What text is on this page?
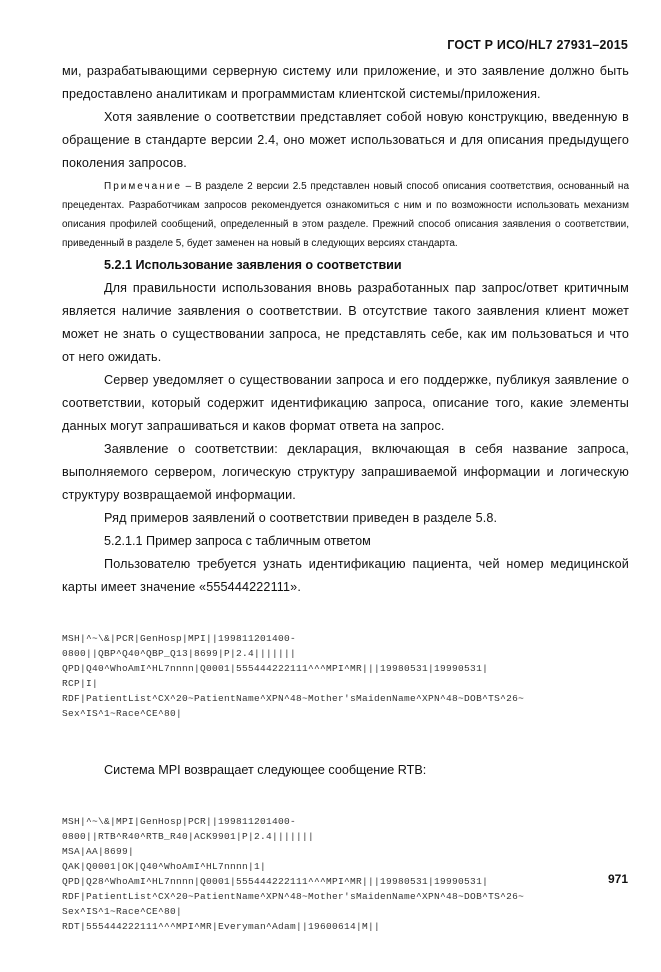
ГОСТ Р ИСО/HL7 27931–2015

ми, разрабатывающими серверную систему или приложение, и это заявление должно быть предоставлено аналитикам и программистам клиентской системы/приложения.

Хотя заявление о соответствии представляет собой новую конструкцию, введенную в обращение в стандарте версии 2.4, оно может использоваться и для описания предыдущего поколения запросов.

Примечание – В разделе 2 версии 2.5 представлен новый способ описания соответствия, основанный на прецедентах. Разработчикам запросов рекомендуется ознакомиться с ним и по возможности использовать механизм описания профилей сообщений, определенный в этом разделе. Прежний способ описания заявления о соответствии, приведенный в разделе 5, будет заменен на новый в следующих версиях стандарта.

5.2.1 Использование заявления о соответствии

Для правильности использования вновь разработанных пар запрос/ответ критичным является наличие заявления о соответствии. В отсутствие такого заявления клиент может может не знать о существовании запроса, не представлять себе, как им пользоваться и что от него ожидать.

Сервер уведомляет о существовании запроса и его поддержке, публикуя заявление о соответствии, который содержит идентификацию запроса, описание того, какие элементы данных могут запрашиваться и каков формат ответа на запрос.

Заявление о соответствии: декларация, включающая в себя название запроса, выполняемого сервером, логическую структуру запрашиваемой информации и логическую структуру возвращаемой информации.

Ряд примеров заявлений о соответствии приведен в разделе 5.8.

5.2.1.1 Пример запроса с табличным ответом

Пользователю требуется узнать идентификацию пациента, чей номер медицинской карты имеет значение «555444222111».

MSH|^~\&|PCR|GenHosp|MPI||199811201400-
0800||QBP^Q40^QBP_Q13|8699|P|2.4|||||||
QPD|Q40^WhoAmI^HL7nnnn|Q0001|555444222111^^^MPI^MR|||19980531|19990531|
RCP|I|
RDF|PatientList^CX^20~PatientName^XPN^48~Mother'sMaidenName^XPN^48~DOB^TS^26~
Sex^IS^1~Race^CE^80|

Система MPI возвращает следующее сообщение RTB:

MSH|^~\&|MPI|GenHosp|PCR||199811201400-
0800||RTB^R40^RTB_R40|ACK9901|P|2.4|||||||
MSA|AA|8699|
QAK|Q0001|OK|Q40^WhoAmI^HL7nnnn|1|
QPD|Q28^WhoAmI^HL7nnnn|Q0001|555444222111^^^MPI^MR|||19980531|19990531|
RDF|PatientList^CX^20~PatientName^XPN^48~Mother'sMaidenName^XPN^48~DOB^TS^26~
Sex^IS^1~Race^CE^80|
RDT|555444222111^^^MPI^MR|Everyman^Adam||19600614|M||

971
